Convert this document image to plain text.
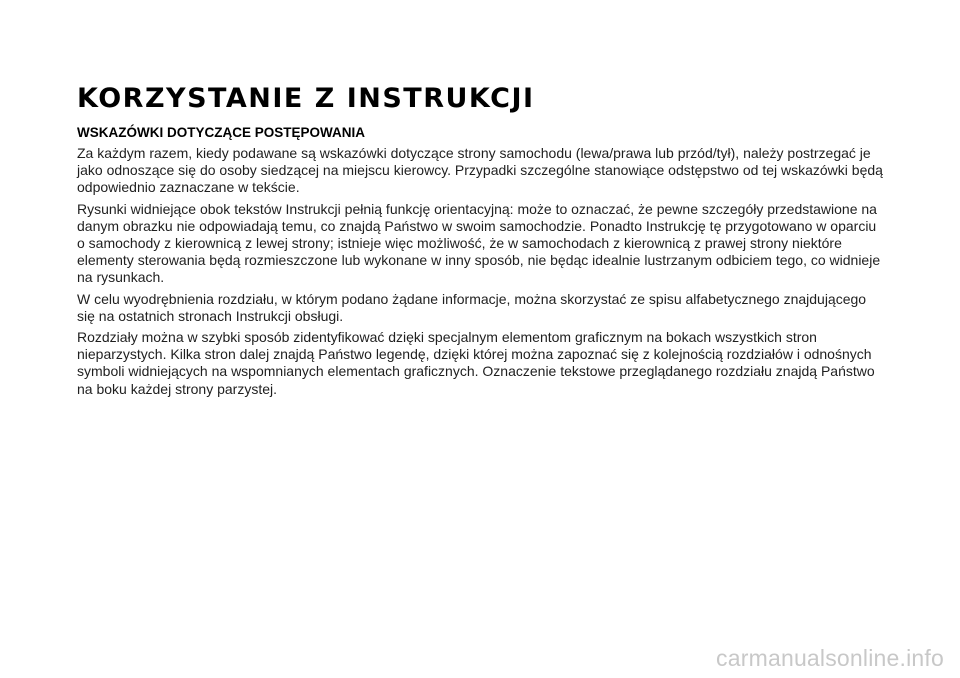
KORZYSTANIE Z INSTRUKCJI
WSKAZÓWKI DOTYCZĄCE POSTĘPOWANIA

Za każdym razem, kiedy podawane są wskazówki dotyczące strony samochodu (lewa/prawa lub przód/tył), należy postrzegać je jako odnoszące się do osoby siedzącej na miejscu kierowcy. Przypadki szczególne stanowiące odstępstwo od tej wskazówki będą odpowiednio zaznaczane w tekście.

Rysunki widniejące obok tekstów Instrukcji pełnią funkcję orientacyjną: może to oznaczać, że pewne szczegóły przedstawione na danym obrazku nie odpowiadają temu, co znajdą Państwo w swoim samochodzie. Ponadto Instrukcję tę przygotowano w oparciu o samochody z kierownicą z lewej strony; istnieje więc możliwość, że w samochodach z kierownicą z prawej strony niektóre elementy sterowania będą rozmieszczone lub wykonane w inny sposób, nie będąc idealnie lustrzanym odbiciem tego, co widnieje na rysunkach.

W celu wyodrębnienia rozdziału, w którym podano żądane informacje, można skorzystać ze spisu alfabetycznego znajdującego się na ostatnich stronach Instrukcji obsługi.

Rozdziały można w szybki sposób zidentyfikować dzięki specjalnym elementom graficznym na bokach wszystkich stron nieparzystych. Kilka stron dalej znajdą Państwo legendę, dzięki której można zapoznać się z kolejnością rozdziałów i odnośnych symboli widniejących na wspomnianych elementach graficznych. Oznaczenie tekstowe przeglądanego rozdziału znajdą Państwo na boku każdej strony parzystej.

carmanualsonline.info
